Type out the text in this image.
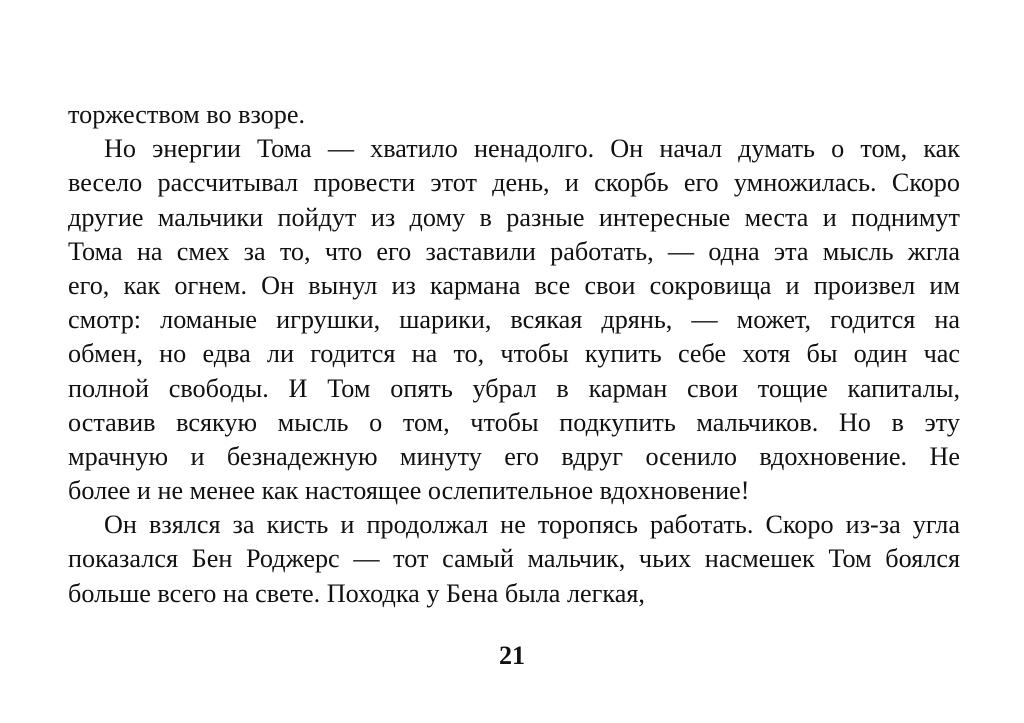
торжеством во взоре.
Но энергии Тома — хватило ненадолго. Он начал думать о том, как
весело рассчитывал провести этот день, и скорбь его умножилась. Скоро
другие мальчики пойдут из дому в разные интересные места и поднимут
Тома на смех за то, что его заставили работать, — одна эта мысль жгла
его, как огнем. Он вынул из кармана все свои сокровища и произвел им
смотр: ломаные игрушки, шарики, всякая дрянь, — может, годится на
обмен, но едва ли годится на то, чтобы купить себе хотя бы один час
полной свободы. И Том опять убрал в карман свои тощие капиталы,
оставив всякую мысль о том, чтобы подкупить мальчиков. Но в эту
мрачную и безнадежную минуту его вдруг осенило вдохновение. Не
более и не менее как настоящее ослепительное вдохновение!
Он взялся за кисть и продолжал не торопясь работать. Скоро из-за угла
показался Бен Роджерс — тот самый мальчик, чьих насмешек Том боялся
больше всего на свете. Походка у Бена была легкая,
21
